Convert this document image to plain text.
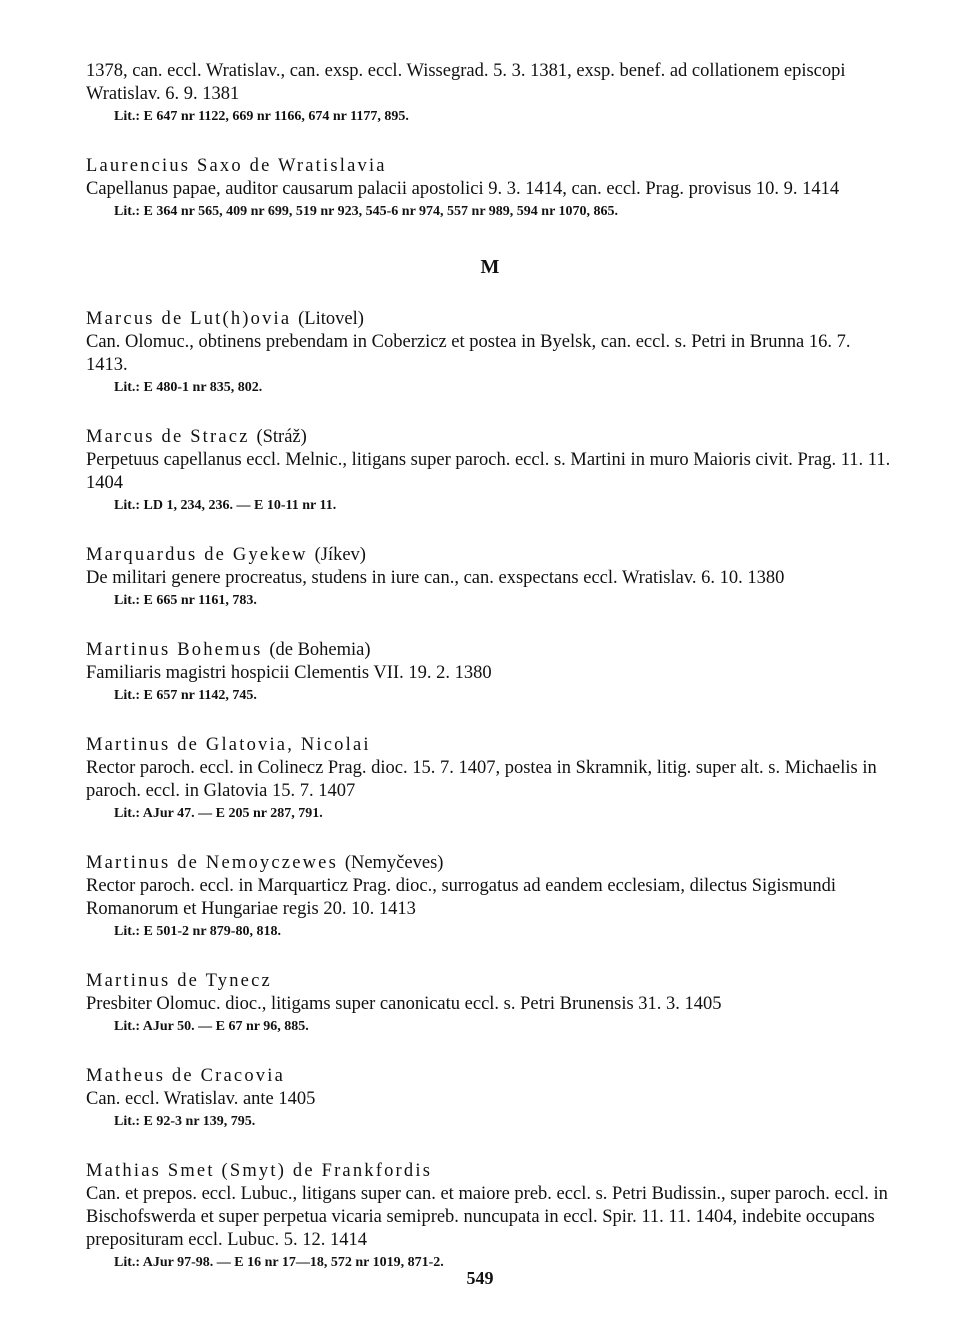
1378, can. eccl. Wratislav., can. exsp. eccl. Wissegrad. 5. 3. 1381, exsp. benef. ad collationem episcopi Wratislav. 6. 9. 1381

Lit.: E 647 nr 1122, 669 nr 1166, 674 nr 1177, 895.

Laurencius Saxo de Wratislavia

Capellanus papae, auditor causarum palacii apostolici 9. 3. 1414, can. eccl. Prag. provisus 10. 9. 1414

Lit.: E 364 nr 565, 409 nr 699, 519 nr 923, 545-6 nr 974, 557 nr 989, 594 nr 1070, 865.

M

Marcus de Lut(h)ovia (Litovel)

Can. Olomuc., obtinens prebendam in Coberzicz et postea in Byelsk, can. eccl. s. Petri in Brunna 16. 7. 1413.

Lit.: E 480-1 nr 835, 802.

Marcus de Stracz (Stráž)

Perpetuus capellanus eccl. Melnic., litigans super paroch. eccl. s. Martini in muro Maioris civit. Prag. 11. 11. 1404

Lit.: LD 1, 234, 236. — E 10-11 nr 11.

Marquardus de Gyekew (Jíkev)

De militari genere procreatus, studens in iure can., can. exspectans eccl. Wratislav. 6. 10. 1380

Lit.: E 665 nr 1161, 783.

Martinus Bohemus (de Bohemia)

Familiaris magistri hospicii Clementis VII. 19. 2. 1380

Lit.: E 657 nr 1142, 745.

Martinus de Glatovia, Nicolai

Rector paroch. eccl. in Colinecz Prag. dioc. 15. 7. 1407, postea in Skramnik, litig. super alt. s. Michaelis in paroch. eccl. in Glatovia 15. 7. 1407

Lit.: AJur 47. — E 205 nr 287, 791.

Martinus de Nemoyczewes (Nemyčeves)

Rector paroch. eccl. in Marquarticz Prag. dioc., surrogatus ad eandem ecclesiam, dilectus Sigismundi Romanorum et Hungariae regis 20. 10. 1413

Lit.: E 501-2 nr 879-80, 818.

Martinus de Tynecz

Presbiter Olomuc. dioc., litigams super canonicatu eccl. s. Petri Brunensis 31. 3. 1405

Lit.: AJur 50. — E 67 nr 96, 885.

Matheus de Cracovia

Can. eccl. Wratislav. ante 1405

Lit.: E 92-3 nr 139, 795.

Mathias Smet (Smyt) de Frankfordis

Can. et prepos. eccl. Lubuc., litigans super can. et maiore preb. eccl. s. Petri Budissin., super paroch. eccl. in Bischofswerda et super perpetua vicaria semipreb. nuncupata in eccl. Spir. 11. 11. 1404, indebite occupans preposituram eccl. Lubuc. 5. 12. 1414

Lit.: AJur 97-98. — E 16 nr 17—18, 572 nr 1019, 871-2.

549
